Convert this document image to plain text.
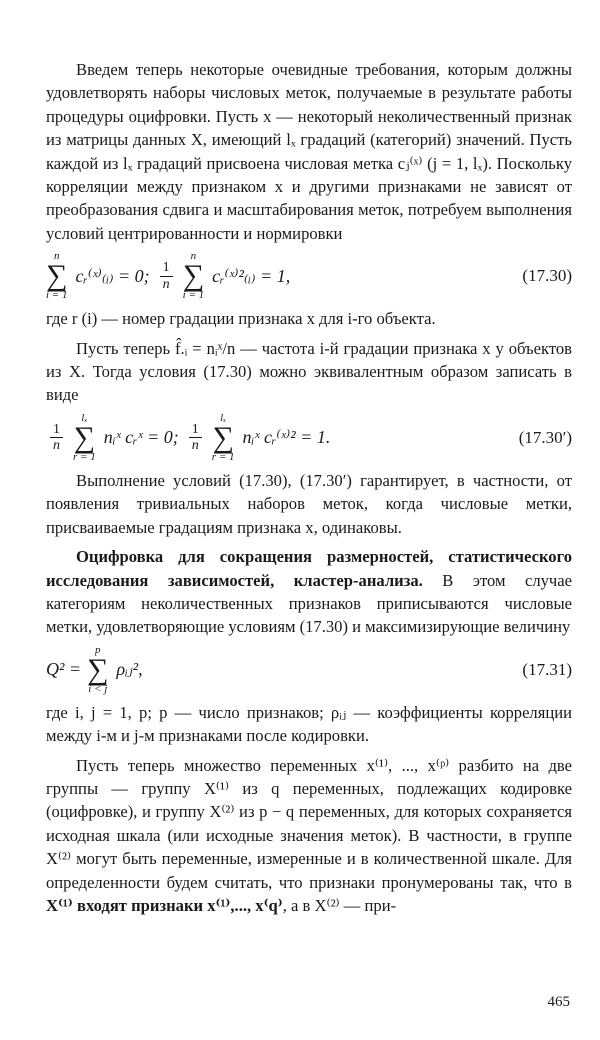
Введем теперь некоторые очевидные требования, которым должны удовлетворять наборы числовых меток, получаемые в результате работы процедуры оцифровки. Пусть x — некоторый неколичественный признак из матрицы данных X, имеющий lₓ градаций (категорий) значений. Пусть каждой из lₓ градаций присвоена числовая метка cⱼ⁽ˣ⁾ (j = 1, lₓ). Поскольку корреляции между признаком x и другими признаками не зависят от преобразования сдвига и масштабирования меток, потребуем выполнения условий центрированности и нормировки

n
∑
i = 1
cᵣ⁽ˣ⁾₍ᵢ₎ = 0; $\frac{1}{n}$
n
∑
i = 1
cᵣ⁽ˣ⁾²₍ᵢ₎ = 1,	(17.30)

где r (i) — номер градации признака x для i-го объекта.

Пусть теперь f̂.ᵢ = nᵢˣ/n — частота i-й градации признака x у объектов из X. Тогда условия (17.30) можно эквивалентным образом записать в виде

$\frac{1}{n}$
lₓ
∑
r = 1
nᵢˣ cᵣˣ = 0; $\frac{1}{n}$
lₓ
∑
r = 1
nᵢˣ cᵣ⁽ˣ⁾² = 1.	(17.30′)

Выполнение условий (17.30), (17.30′) гарантирует, в частности, от появления тривиальных наборов меток, когда числовые метки, присваиваемые градациям признака x, одинаковы.

Оцифровка для сокращения размерностей, статистического исследования зависимостей, кластер-анализа. В этом случае категориям неколичественных признаков приписываются числовые метки, удовлетворяющие условиям (17.30) и максимизирующие величину

Q² =
p
∑
i < j
ρᵢⱼ²,	(17.31)

где i, j = 1, p; p — число признаков; ρᵢⱼ — коэффициенты корреляции между i-м и j-м признаками после кодировки.

Пусть теперь множество переменных x⁽¹⁾, ..., x⁽ᵖ⁾ разбито на две группы — группу X⁽¹⁾ из q переменных, подлежащих кодировке (оцифровке), и группу X⁽²⁾ из p − q переменных, для которых сохраняется исходная шкала (или исходные значения меток). В частности, в группе X⁽²⁾ могут быть переменные, измеренные и в количественной шкале. Для определенности будем считать, что признаки пронумерованы так, что в X⁽¹⁾ входят признаки x⁽¹⁾,..., x⁽q⁾, а в X⁽²⁾ — при-

465
